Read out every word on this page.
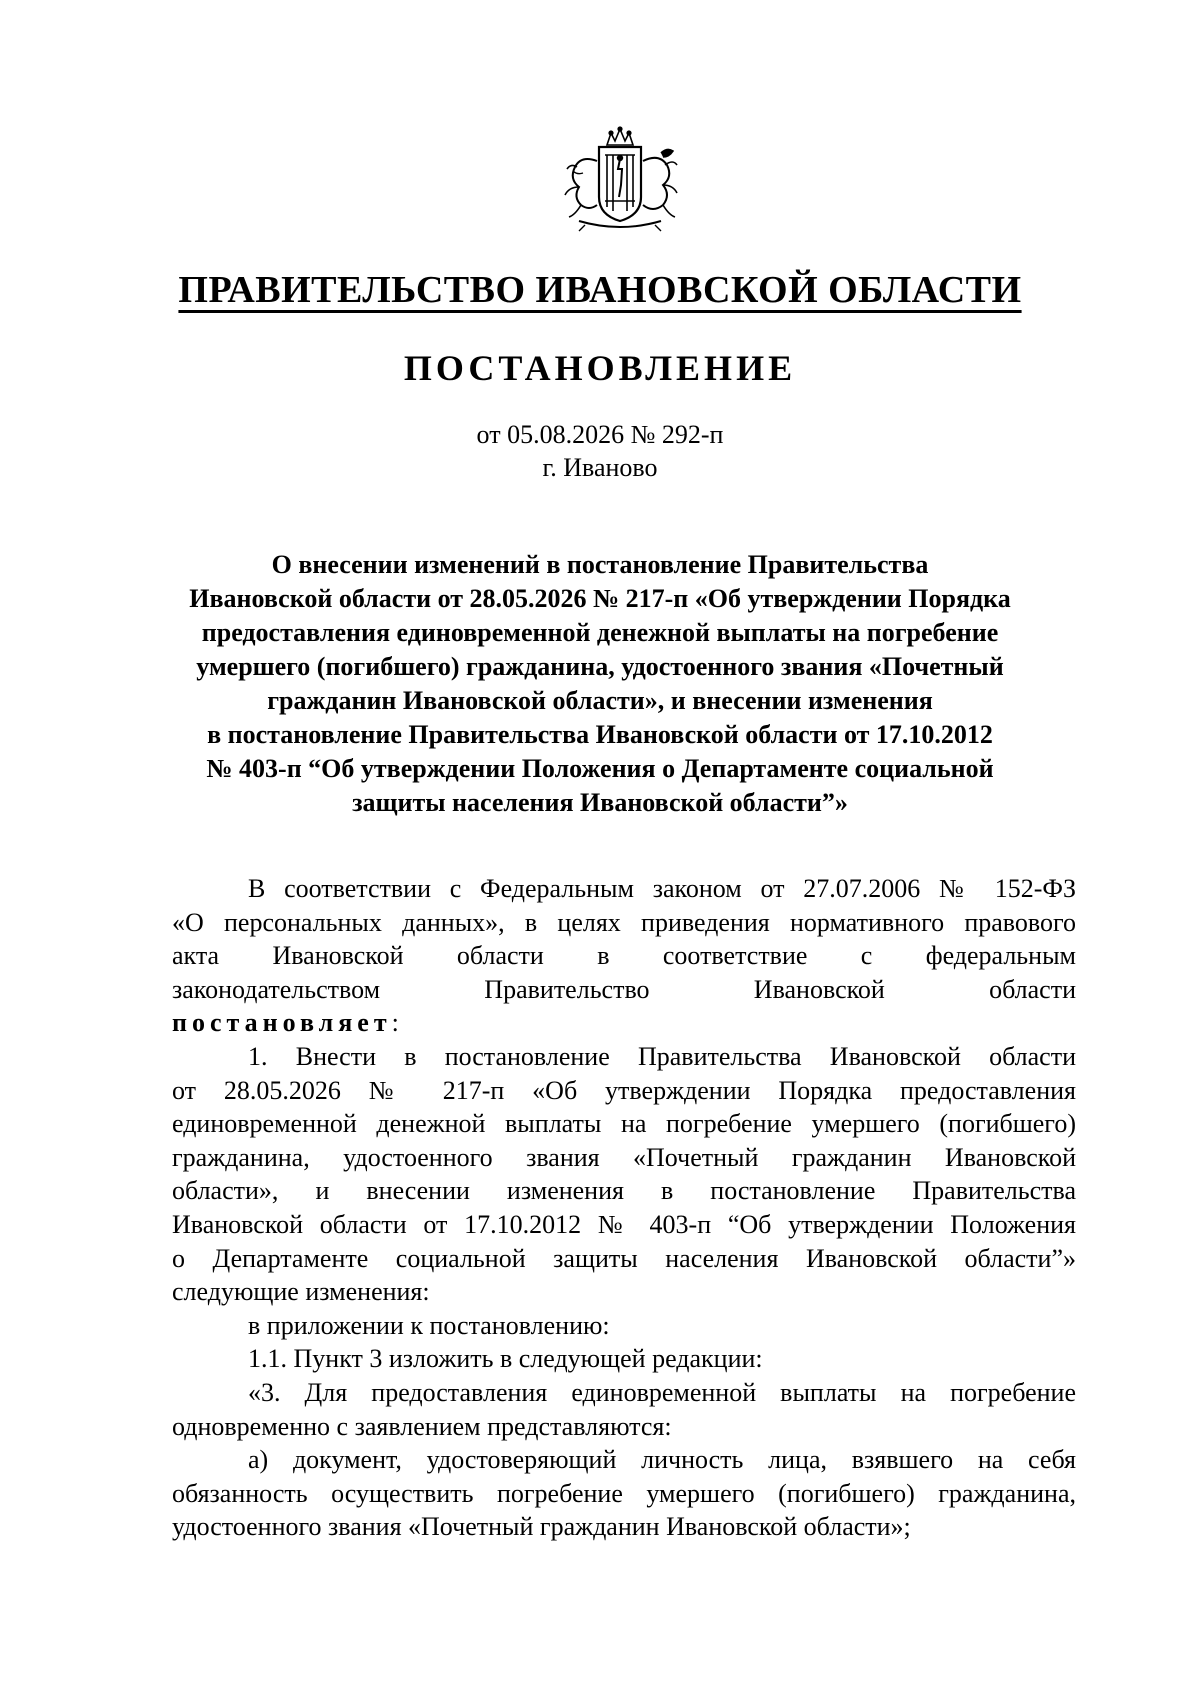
ПРАВИТЕЛЬСТВО ИВАНОВСКОЙ ОБЛАСТИ
ПОСТАНОВЛЕНИЕ
от 05.08.2026 № 292-п
г. Иваново
О внесении изменений в постановление Правительства
Ивановской области от 28.05.2026 № 217-п «Об утверждении Порядка
предоставления единовременной денежной выплаты на погребение
умершего (погибшего) гражданина, удостоенного звания «Почетный
гражданин Ивановской области», и внесении изменения
в постановление Правительства Ивановской области от 17.10.2012
№ 403-п “Об утверждении Положения о Департаменте социальной
защиты населения Ивановской области”»
В соответствии с Федеральным законом от 27.07.2006 № 152-ФЗ
«О персональных данных», в целях приведения нормативного правового
акта Ивановской области в соответствие с федеральным
законодательством Правительство Ивановской области
постановляет:
1. Внести в постановление Правительства Ивановской области
от 28.05.2026 № 217-п «Об утверждении Порядка предоставления
единовременной денежной выплаты на погребение умершего (погибшего)
гражданина, удостоенного звания «Почетный гражданин Ивановской
области», и внесении изменения в постановление Правительства
Ивановской области от 17.10.2012 № 403-п “Об утверждении Положения
о Департаменте социальной защиты населения Ивановской области”»
следующие изменения:
в приложении к постановлению:
1.1. Пункт 3 изложить в следующей редакции:
«3. Для предоставления единовременной выплаты на погребение
одновременно с заявлением представляются:
а) документ, удостоверяющий личность лица, взявшего на себя
обязанность осуществить погребение умершего (погибшего) гражданина,
удостоенного звания «Почетный гражданин Ивановской области»;
